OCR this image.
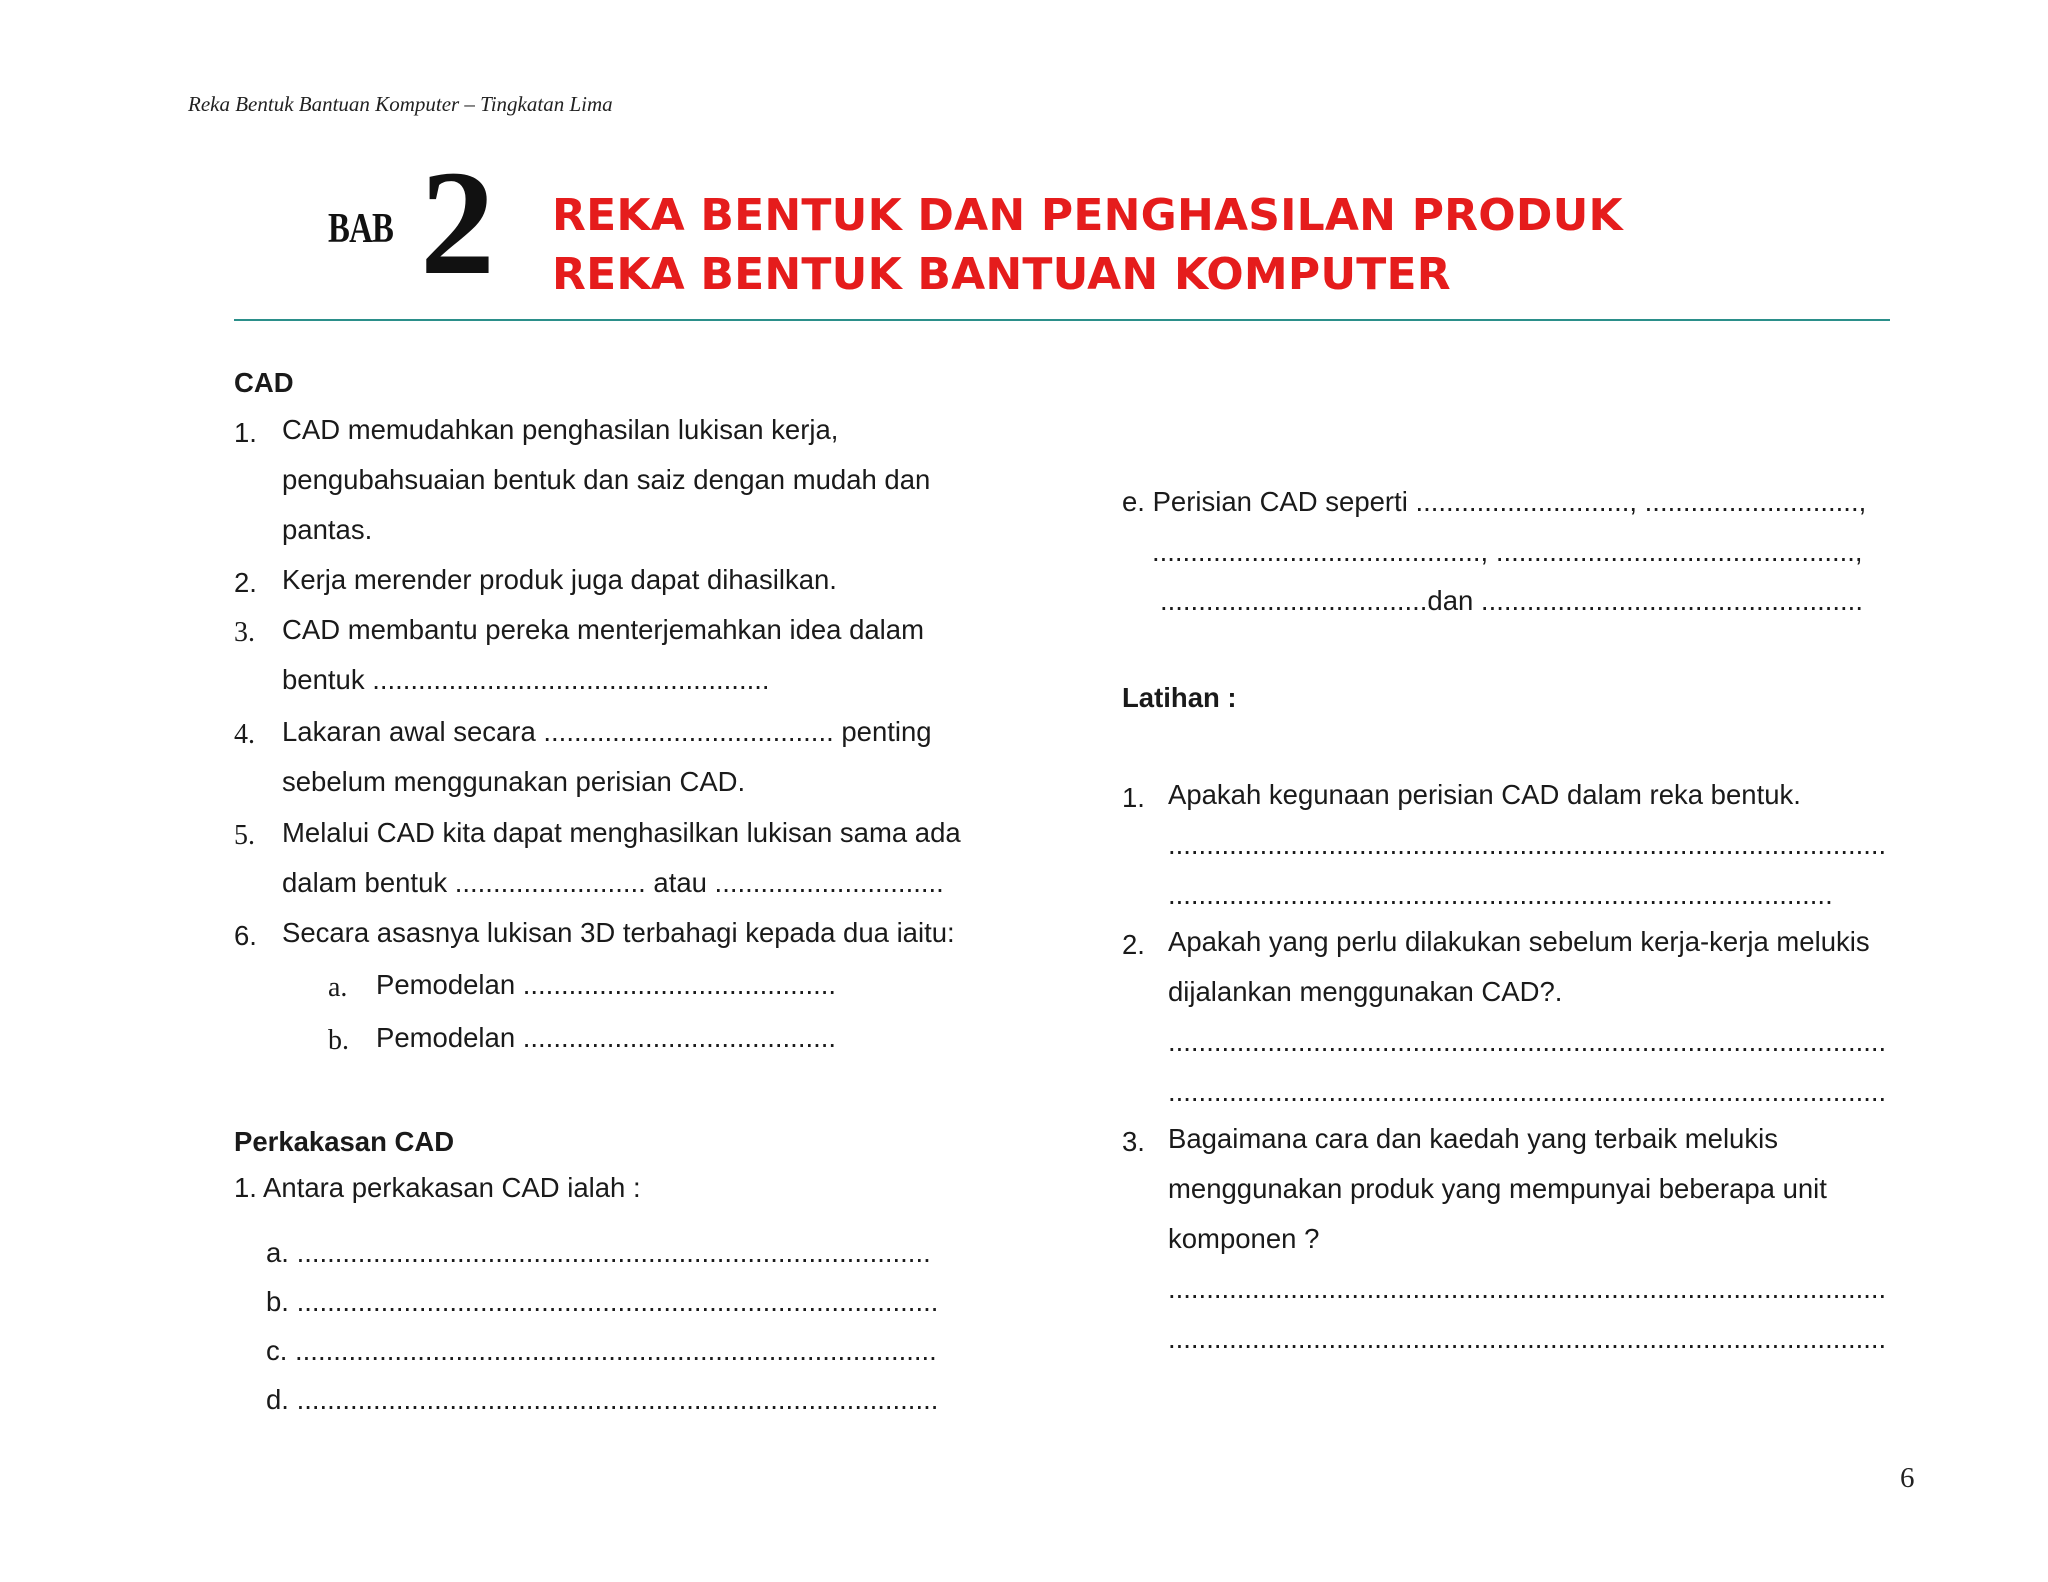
Reka Bentuk Bantuan Komputer – Tingkatan Lima
BAB 2 REKA BENTUK DAN PENGHASILAN PRODUK
REKA BENTUK BANTUAN KOMPUTER
CAD
1. CAD memudahkan penghasilan lukisan kerja,
pengubahsuaian bentuk dan saiz dengan mudah dan
pantas.
2. Kerja merender produk juga dapat dihasilkan.
3. CAD membantu pereka menterjemahkan idea dalam
bentuk ....................................................
4. Lakaran awal secara ...................................... penting
sebelum menggunakan perisian CAD.
5. Melalui CAD kita dapat menghasilkan lukisan sama ada
dalam bentuk ......................... atau ..............................
6. Secara asasnya lukisan 3D terbahagi kepada dua iaitu:
a. Pemodelan .........................................
b. Pemodelan .........................................
Perkakasan CAD
1. Antara perkakasan CAD ialah :
a. ...................................................................................
b. ....................................................................................
c. ....................................................................................
d. ....................................................................................
e. Perisian CAD seperti ............................, ............................,
..........................................., ...............................................,
...................................dan ..................................................
Latihan :
1. Apakah kegunaan perisian CAD dalam reka bentuk.
..............................................................................................
.......................................................................................
2. Apakah yang perlu dilakukan sebelum kerja-kerja melukis
dijalankan menggunakan CAD?.
..............................................................................................
..............................................................................................
3. Bagaimana cara dan kaedah yang terbaik melukis
menggunakan produk yang mempunyai beberapa unit
komponen ?
..............................................................................................
..............................................................................................
6
